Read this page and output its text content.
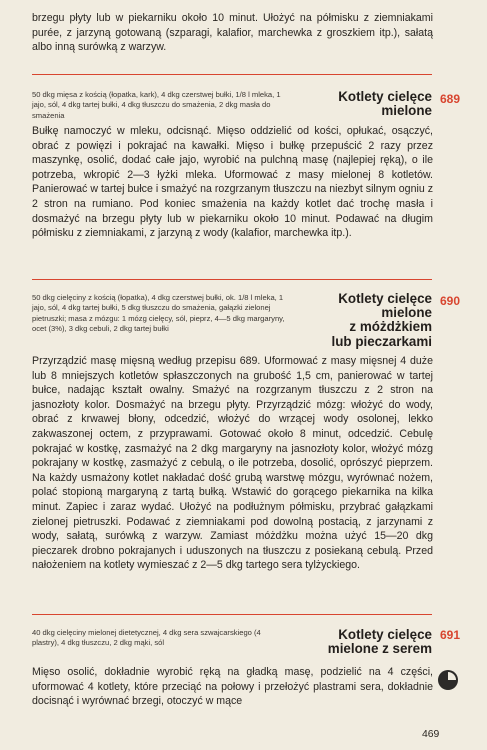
brzegu płyty lub w piekarniku około 10 minut. Ułożyć na półmisku z ziemniakami purée, z jarzyną gotowaną (szparagi, kalafior, marchewka z groszkiem itp.), sałatą albo inną surówką z warzyw.

50 dkg mięsa z kością (łopatka, kark), 4 dkg czerstwej bułki, 1/8 l mleka, 1 jajo, sól, 4 dkg tartej bułki, 4 dkg tłuszczu do smażenia, 2 dkg masła do smażenia

Kotlety cielęce
mielone
689

Bułkę namoczyć w mleku, odcisnąć. Mięso oddzielić od kości, opłukać, osączyć, obrać z powięzi i pokrajać na kawałki. Mięso i bułkę przepuścić 2 razy przez maszynkę, osolić, dodać całe jajo, wyrobić na pulchną masę (najlepiej ręką), o ile potrzeba, wkropić 2—3 łyżki mleka. Uformować z masy mielonej 8 kotletów. Panierować w tartej bułce i smażyć na rozgrzanym tłuszczu na niezbyt silnym ogniu z 2 stron na rumiano. Pod koniec smażenia na każdy kotlet dać trochę masła i dosmażyć na brzegu płyty lub w piekarniku około 10 minut. Podawać na długim półmisku z ziemniakami, z jarzyną z wody (kalafior, marchewka itp.).

50 dkg cielęciny z kością (łopatka), 4 dkg czerstwej bułki, ok. 1/8 l mleka, 1 jajo, sól, 4 dkg tartej bułki, 5 dkg tłuszczu do smażenia, gałązki zielonej pietruszki; masa z mózgu: 1 mózg cielęcy, sól, pieprz, 4—5 dkg margaryny, ocet (3%), 3 dkg cebuli, 2 dkg tartej bułki

Kotlety cielęce
mielone
z móżdżkiem
lub pieczarkami
690

Przyrządzić masę mięsną według przepisu 689. Uformować z masy mięsnej 4 duże lub 8 mniejszych kotletów spłaszczonych na grubość 1,5 cm, panierować w tartej bułce, nadając kształt owalny. Smażyć na rozgrzanym tłuszczu z 2 stron na jasnozłoty kolor. Dosmażyć na brzegu płyty. Przyrządzić mózg: włożyć do wody, obrać z krwawej błony, odcedzić, włożyć do wrzącej wody osolonej, lekko zakwaszonej octem, z przyprawami. Gotować około 8 minut, odcedzić. Cebulę pokrajać w kostkę, zasmażyć na 2 dkg margaryny na jasnozłoty kolor, włożyć mózg pokrajany w kostkę, zasmażyć z cebulą, o ile potrzeba, dosolić, oprószyć pieprzem. Na każdy usmażony kotlet nakładać dość grubą warstwę mózgu, wyrównać nożem, polać stopioną margaryną z tartą bułką. Wstawić do gorącego piekarnika na kilka minut. Zapiec i zaraz wydać. Ułożyć na podłużnym półmisku, przybrać gałązkami zielonej pietruszki. Podawać z ziemniakami pod dowolną postacią, z jarzynami z wody, sałatą, surówką z warzyw. Zamiast móżdżku można użyć 15—20 dkg pieczarek drobno pokrajanych i uduszonych na tłuszczu z posiekaną cebulą. Przed nałożeniem na kotlety wymieszać z 2—5 dkg tartego sera tylżyckiego.

40 dkg cielęciny mielonej dietetycznej, 4 dkg sera szwajcarskiego (4 plastry), 4 dkg tłuszczu, 2 dkg mąki, sól

Kotlety cielęce
mielone z serem
691

Mięso osolić, dokładnie wyrobić ręką na gładką masę, podzielić na 4 części, uformować 4 kotlety, które przeciąć na połowy i przełożyć plastrami sera, dokładnie docisnąć i wyrównać brzegi, otoczyć w mące

469
